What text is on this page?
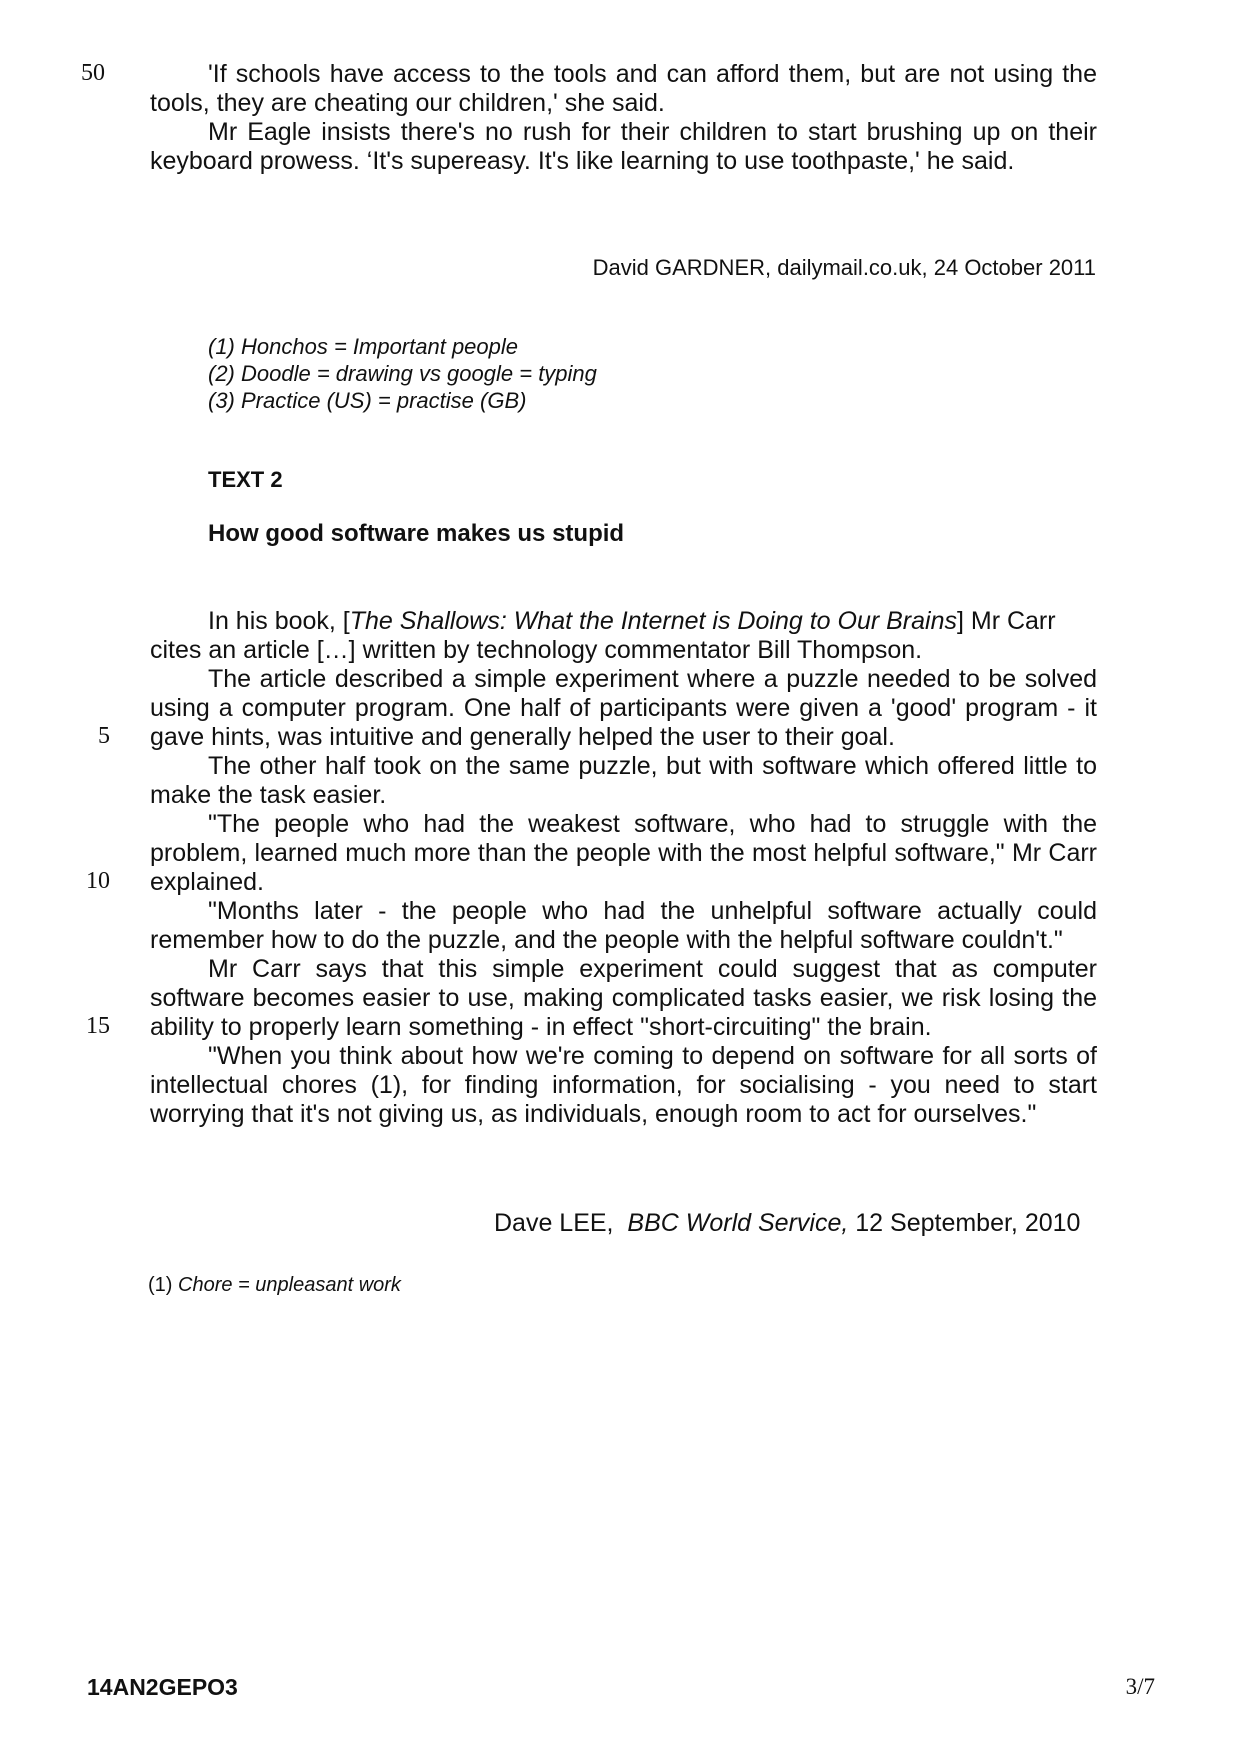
50	'If schools have access to the tools and can afford them, but are not using the
tools, they are cheating our children,' she said.
Mr Eagle insists there's no rush for their children to start brushing up on their
keyboard prowess. ‘It's supereasy. It's like learning to use toothpaste,' he said.
David GARDNER, dailymail.co.uk, 24 October 2011
(1) Honchos = Important people
(2) Doodle = drawing vs google = typing
(3) Practice (US) = practise (GB)
TEXT 2
How good software makes us stupid
In his book, [The Shallows: What the Internet is Doing to Our Brains] Mr Carr
cites an article […] written by technology commentator Bill Thompson.
The article described a simple experiment where a puzzle needed to be solved
using a computer program. One half of participants were given a 'good' program - it
gave hints, was intuitive and generally helped the user to their goal.
The other half took on the same puzzle, but with software which offered little to
make the task easier.
"The people who had the weakest software, who had to struggle with the
problem, learned much more than the people with the most helpful software," Mr Carr
explained.
"Months later - the people who had the unhelpful software actually could
remember how to do the puzzle, and the people with the helpful software couldn't."
Mr Carr says that this simple experiment could suggest that as computer
software becomes easier to use, making complicated tasks easier, we risk losing the
ability to properly learn something - in effect "short-circuiting" the brain.
"When you think about how we're coming to depend on software for all sorts of
intellectual chores (1), for finding information, for socialising - you need to start
worrying that it's not giving us, as individuals, enough room to act for ourselves."
5
10
15
Dave LEE, BBC World Service, 12 September, 2010
(1) Chore = unpleasant work
14AN2GEPO3	3/7
